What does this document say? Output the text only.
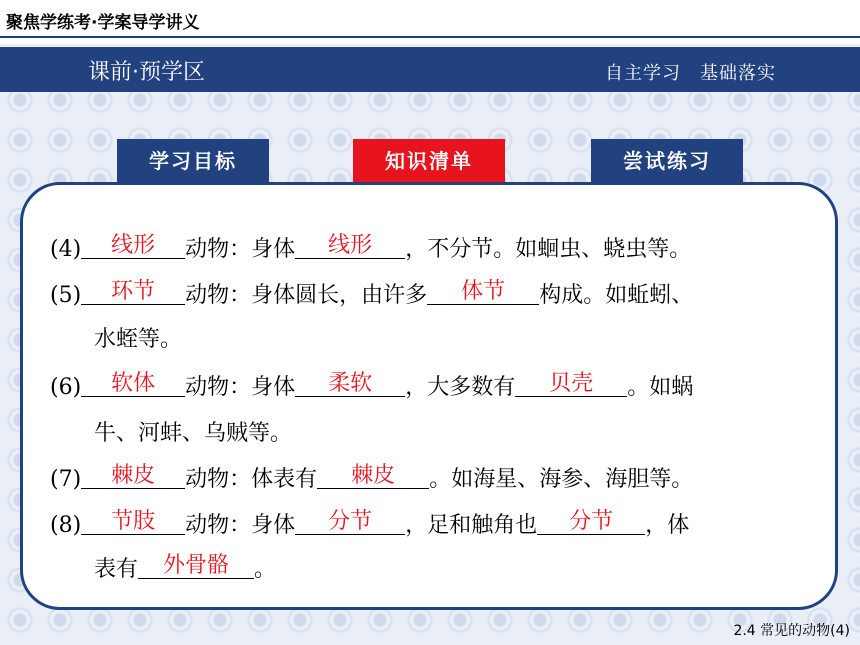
聚焦学练考·学案导学讲义
课前·预学区	自主学习　基础落实
学习目标	知识清单	尝试练习
(4) 线形 动物：身体 线形 ，不分节。如蛔虫、蛲虫等。
(5) 环节 动物：身体圆长，由许多 体节 构成。如蚯蚓、
水蛭等。
(6) 软体 动物：身体 柔软 ，大多数有 贝壳 。如蜗
牛、河蚌、乌贼等。
(7) 棘皮 动物：体表有 棘皮 。如海星、海参、海胆等。
(8) 节肢 动物：身体 分节 ，足和触角也 分节 ，体
表有 外骨骼 。
2.4 常见的动物(4)
